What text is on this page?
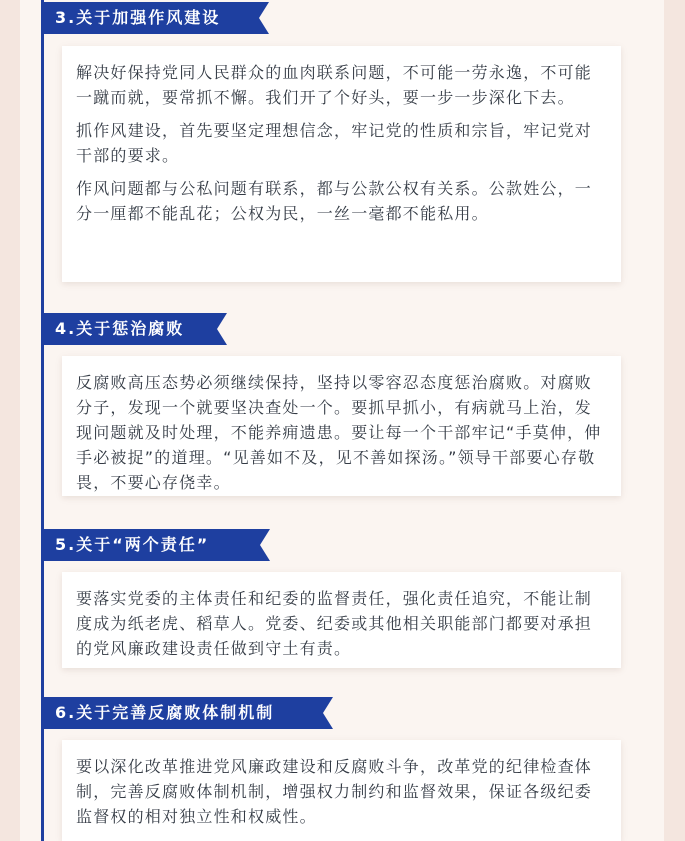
3.关于加强作风建设

解决好保持党同人民群众的血肉联系问题，不可能一劳永逸，不可能一蹴而就，要常抓不懈。我们开了个好头，要一步一步深化下去。

抓作风建设，首先要坚定理想信念，牢记党的性质和宗旨，牢记党对干部的要求。

作风问题都与公私问题有联系，都与公款公权有关系。公款姓公，一分一厘都不能乱花；公权为民，一丝一毫都不能私用。

4.关于惩治腐败

反腐败高压态势必须继续保持，坚持以零容忍态度惩治腐败。对腐败分子，发现一个就要坚决查处一个。要抓早抓小，有病就马上治，发现问题就及时处理，不能养痈遗患。要让每一个干部牢记“手莫伸，伸手必被捉”的道理。“见善如不及，见不善如探汤。”领导干部要心存敬畏，不要心存侥幸。

5.关于“两个责任”

要落实党委的主体责任和纪委的监督责任，强化责任追究，不能让制度成为纸老虎、稻草人。党委、纪委或其他相关职能部门都要对承担的党风廉政建设责任做到守土有责。

6.关于完善反腐败体制机制

要以深化改革推进党风廉政建设和反腐败斗争，改革党的纪律检查体制，完善反腐败体制机制，增强权力制约和监督效果，保证各级纪委监督权的相对独立性和权威性。
